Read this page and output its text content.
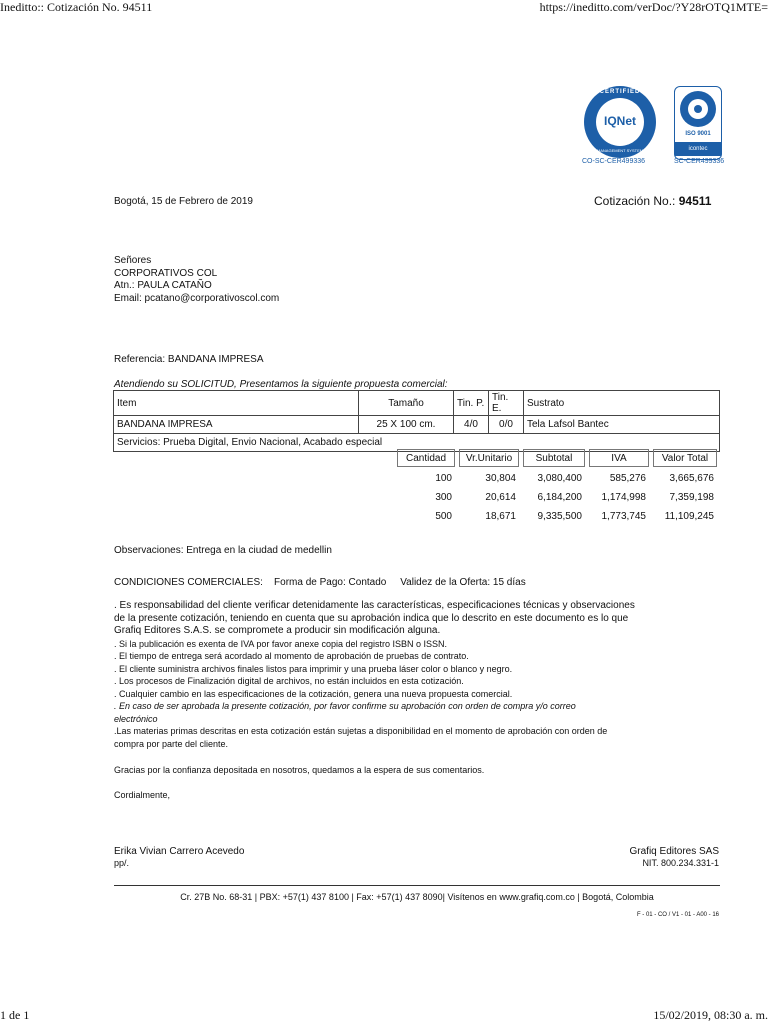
Ineditto:: Cotización No. 94511	https://ineditto.com/verDoc/?Y28rOTQ1MTE=
CERTIFIED
IQNet
MANAGEMENT SYSTEM
CO-SC-CER499336
ISO 9001
icontec
SC-CER499336
Bogotá, 15 de Febrero de 2019	Cotización No.: 94511
Señores
CORPORATIVOS COL
Atn.: PAULA CATAÑO
Email: pcatano@corporativoscol.com
Referencia: BANDANA IMPRESA
Atendiendo su SOLICITUD, Presentamos la siguiente propuesta comercial:
Item	Tamaño	Tin. P.	Tin. E.	Sustrato
BANDANA IMPRESA	25 X 100 cm.	4/0	0/0	Tela Lafsol Bantec
Servicios: Prueba Digital, Envio Nacional, Acabado especial				
Cantidad	Vr.Unitario	Subtotal	IVA	Valor Total
100	30,804	3,080,400	585,276	3,665,676
300	20,614	6,184,200	1,174,998	7,359,198
500	18,671	9,335,500	1,773,745	11,109,245
Observaciones: Entrega en la ciudad de medellin
CONDICIONES COMERCIALES: Forma de Pago: Contado Validez de la Oferta: 15 días

. Es responsabilidad del cliente verificar detenidamente las características, especificaciones técnicas y observaciones

de la presente cotización, teniendo en cuenta que su aprobación indica que lo descrito en este documento es lo que

Grafiq Editores S.A.S. se compromete a producir sin modificación alguna.

. Si la publicación es exenta de IVA por favor anexe copia del registro ISBN o ISSN.

. El tiempo de entrega será acordado al momento de aprobación de pruebas de contrato.

. El cliente suministra archivos finales listos para imprimir y una prueba láser color o blanco y negro.

. Los procesos de Finalización digital de archivos, no están incluidos en esta cotización.

. Cualquier cambio en las especificaciones de la cotización, genera una nueva propuesta comercial.

. En caso de ser aprobada la presente cotización, por favor confirme su aprobación con orden de compra y/o correo

electrónico

.Las materias primas descritas en esta cotización están sujetas a disponibilidad en el momento de aprobación con orden de

compra por parte del cliente.

Gracias por la confianza depositada en nosotros, quedamos a la espera de sus comentarios.
Cordialmente,
Erika Vivian Carrero Acevedo
pp/.
Grafiq Editores SAS
NIT. 800.234.331-1
Cr. 27B No. 68-31 | PBX: +57(1) 437 8100 | Fax: +57(1) 437 8090| Visítenos en www.grafiq.com.co | Bogotá, Colombia
F - 01 - CO / V1 - 01 - A00 - 16
1 de 1	15/02/2019, 08:30 a. m.
